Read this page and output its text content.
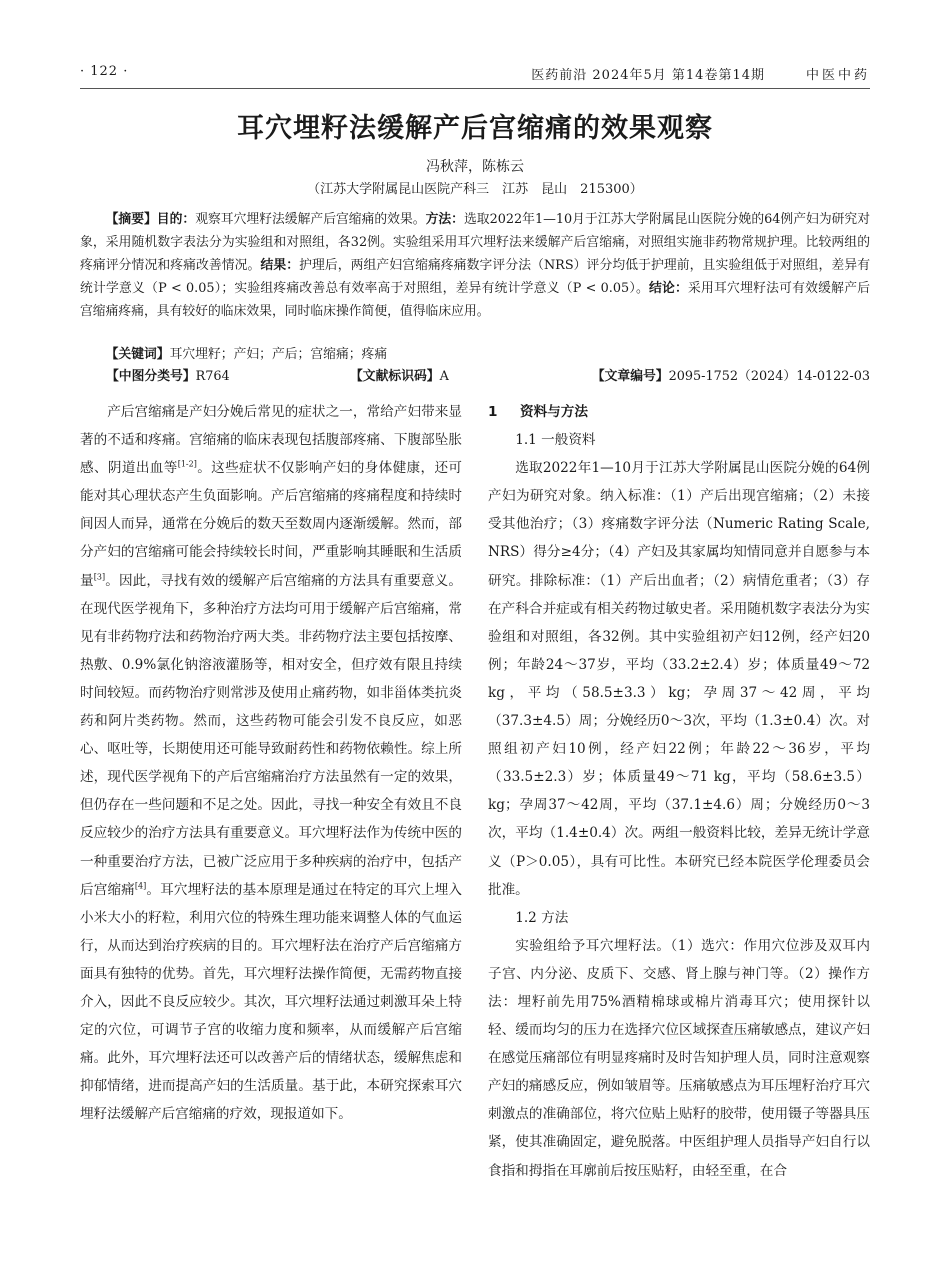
· 122 ·	医药前沿 2024年5月 第14卷第14期	中医中药
耳穴埋籽法缓解产后宫缩痛的效果观察
冯秋萍，陈栋云
（江苏大学附属昆山医院产科三　江苏　昆山　215300）

【摘要】目的：观察耳穴埋籽法缓解产后宫缩痛的效果。方法：选取2022年1—10月于江苏大学附属昆山医院分娩的64例产妇为研究对象，采用随机数字表法分为实验组和对照组，各32例。实验组采用耳穴埋籽法来缓解产后宫缩痛，对照组实施非药物常规护理。比较两组的疼痛评分情况和疼痛改善情况。结果：护理后，两组产妇宫缩痛疼痛数字评分法（NRS）评分均低于护理前，且实验组低于对照组，差异有统计学意义（P < 0.05）；实验组疼痛改善总有效率高于对照组，差异有统计学意义（P < 0.05）。结论：采用耳穴埋籽法可有效缓解产后宫缩痛疼痛，具有较好的临床效果，同时临床操作简便，值得临床应用。

【关键词】耳穴埋籽；产妇；产后；宫缩痛；疼痛
【中图分类号】R764	【文献标识码】A	【文章编号】2095-1752（2024）14-0122-03

产后宫缩痛是产妇分娩后常见的症状之一，常给产妇带来显著的不适和疼痛。宫缩痛的临床表现包括腹部疼痛、下腹部坠胀感、阴道出血等[1-2]。这些症状不仅影响产妇的身体健康，还可能对其心理状态产生负面影响。产后宫缩痛的疼痛程度和持续时间因人而异，通常在分娩后的数天至数周内逐渐缓解。然而，部分产妇的宫缩痛可能会持续较长时间，严重影响其睡眠和生活质量[3]。因此，寻找有效的缓解产后宫缩痛的方法具有重要意义。在现代医学视角下，多种治疗方法均可用于缓解产后宫缩痛，常见有非药物疗法和药物治疗两大类。非药物疗法主要包括按摩、热敷、0.9%氯化钠溶液灌肠等，相对安全，但疗效有限且持续时间较短。而药物治疗则常涉及使用止痛药物，如非甾体类抗炎药和阿片类药物。然而，这些药物可能会引发不良反应，如恶心、呕吐等，长期使用还可能导致耐药性和药物依赖性。综上所述，现代医学视角下的产后宫缩痛治疗方法虽然有一定的效果，但仍存在一些问题和不足之处。因此，寻找一种安全有效且不良反应较少的治疗方法具有重要意义。耳穴埋籽法作为传统中医的一种重要治疗方法，已被广泛应用于多种疾病的治疗中，包括产后宫缩痛[4]。耳穴埋籽法的基本原理是通过在特定的耳穴上埋入小米大小的籽粒，利用穴位的特殊生理功能来调整人体的气血运行，从而达到治疗疾病的目的。耳穴埋籽法在治疗产后宫缩痛方面具有独特的优势。首先，耳穴埋籽法操作简便，无需药物直接介入，因此不良反应较少。其次，耳穴埋籽法通过刺激耳朵上特定的穴位，可调节子宫的收缩力度和频率，从而缓解产后宫缩痛。此外，耳穴埋籽法还可以改善产后的情绪状态，缓解焦虑和抑郁情绪，进而提高产妇的生活质量。基于此，本研究探索耳穴埋籽法缓解产后宫缩痛的疗效，现报道如下。

1 资料与方法

1.1 一般资料

选取2022年1—10月于江苏大学附属昆山医院分娩的64例产妇为研究对象。纳入标准：（1）产后出现宫缩痛；（2）未接受其他治疗；（3）疼痛数字评分法（Numeric Rating Scale, NRS）得分≥4分；（4）产妇及其家属均知情同意并自愿参与本研究。排除标准：（1）产后出血者；（2）病情危重者；（3）存在产科合并症或有相关药物过敏史者。采用随机数字表法分为实验组和对照组，各32例。其中实验组初产妇12例，经产妇20例；年龄24～37岁，平均（33.2±2.4）岁；体质量49～72 kg，平均（58.5±3.3）kg；孕周37～42周，平均（37.3±4.5）周；分娩经历0～3次，平均（1.3±0.4）次。对照组初产妇10例，经产妇22例；年龄22～36岁，平均（33.5±2.3）岁；体质量49～71 kg，平均（58.6±3.5）kg；孕周37～42周，平均（37.1±4.6）周；分娩经历0～3次，平均（1.4±0.4）次。两组一般资料比较，差异无统计学意义（P＞0.05），具有可比性。本研究已经本院医学伦理委员会批准。

1.2 方法

实验组给予耳穴埋籽法。（1）选穴：作用穴位涉及双耳内子宫、内分泌、皮质下、交感、肾上腺与神门等。（2）操作方法：埋籽前先用75%酒精棉球或棉片消毒耳穴；使用探针以轻、缓而均匀的压力在选择穴位区域探查压痛敏感点，建议产妇在感觉压痛部位有明显疼痛时及时告知护理人员，同时注意观察产妇的痛感反应，例如皱眉等。压痛敏感点为耳压埋籽治疗耳穴刺激点的准确部位，将穴位贴上贴籽的胶带，使用镊子等器具压紧，使其准确固定，避免脱落。中医组护理人员指导产妇自行以食指和拇指在耳廓前后按压贴籽，由轻至重，在合
